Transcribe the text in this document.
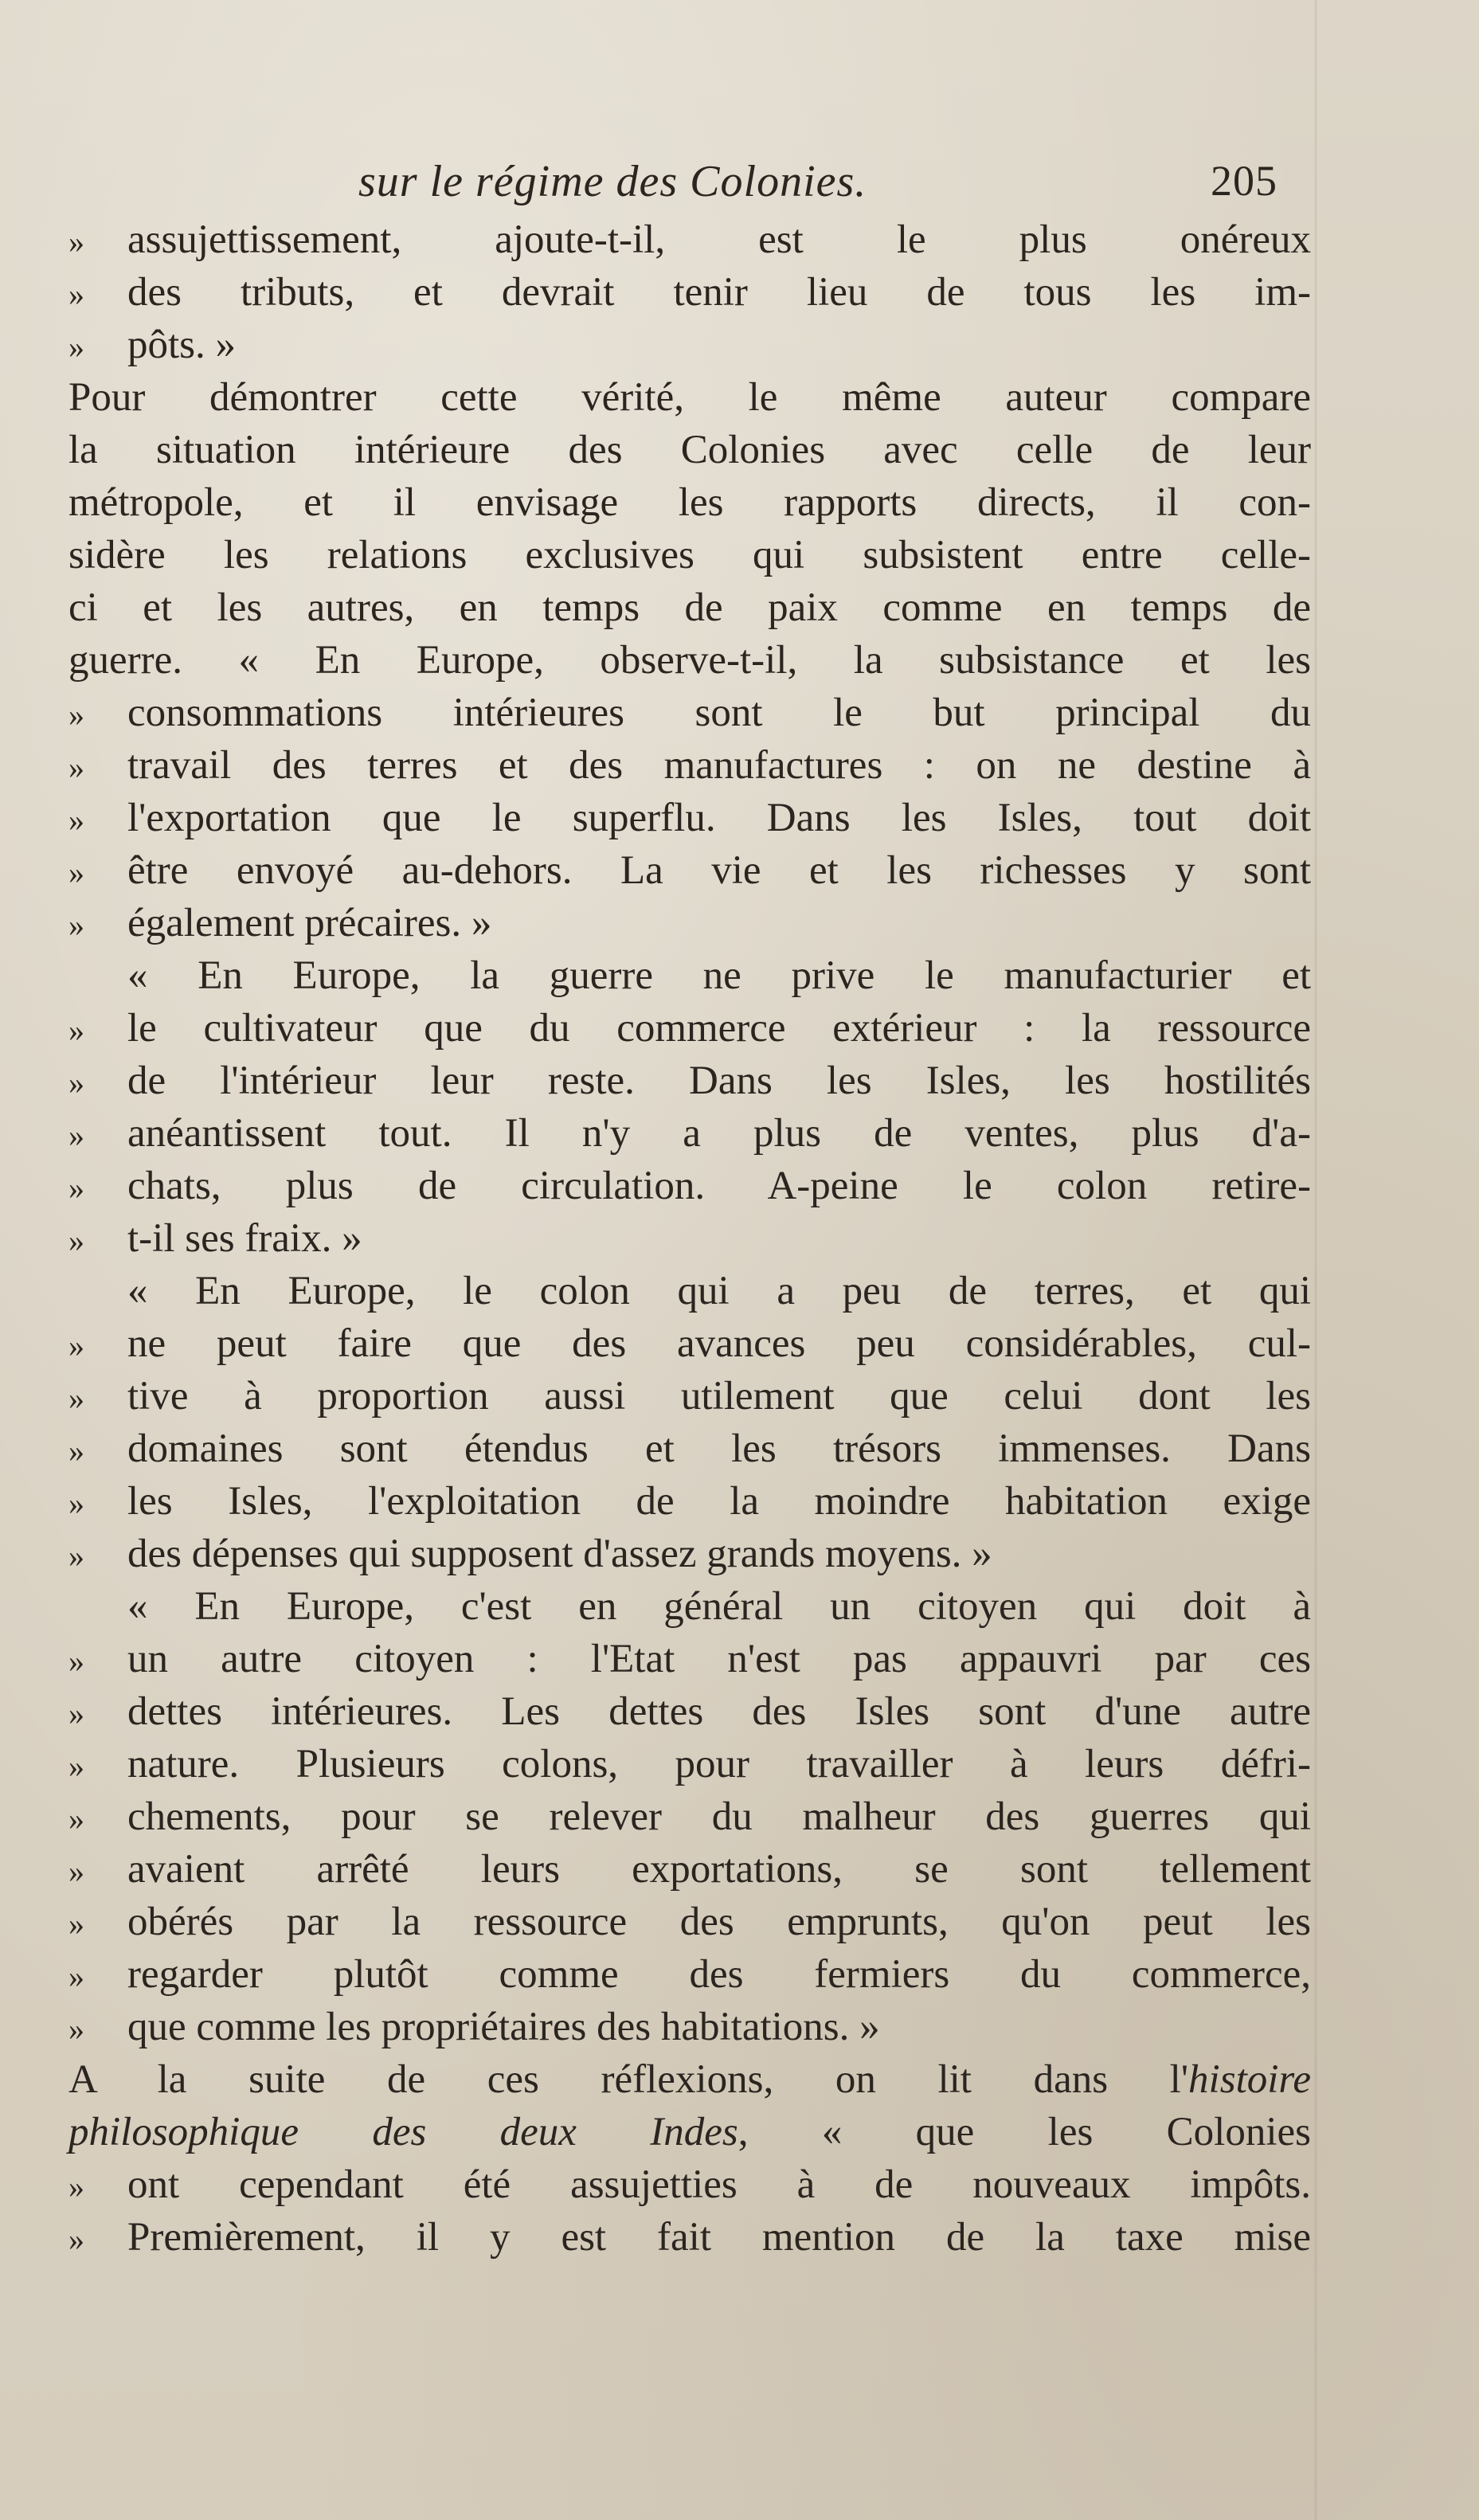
sur le régime des Colonies.	205
»	assujettissement, ajoute-t-il, est le plus onéreux
»	des tributs, et devrait tenir lieu de tous les im-
»	pôts. »
Pour démontrer cette vérité, le même auteur compare
la situation intérieure des Colonies avec celle de leur
métropole, et il envisage les rapports directs, il con-
sidère les relations exclusives qui subsistent entre celle-
ci et les autres, en temps de paix comme en temps de
guerre. « En Europe, observe-t-il, la subsistance et les
»	consommations intérieures sont le but principal du
»	travail des terres et des manufactures : on ne destine à
»	l'exportation que le superflu. Dans les Isles, tout doit
»	être envoyé au-dehors. La vie et les richesses y sont
»	également précaires. »
« En Europe, la guerre ne prive le manufacturier et
»	le cultivateur que du commerce extérieur : la ressource
»	de l'intérieur leur reste. Dans les Isles, les hostilités
»	anéantissent tout. Il n'y a plus de ventes, plus d'a-
»	chats, plus de circulation. A-peine le colon retire-
»	t-il ses fraix. »
« En Europe, le colon qui a peu de terres, et qui
»	ne peut faire que des avances peu considérables, cul-
»	tive à proportion aussi utilement que celui dont les
»	domaines sont étendus et les trésors immenses. Dans
»	les Isles, l'exploitation de la moindre habitation exige
»	des dépenses qui supposent d'assez grands moyens. »
« En Europe, c'est en général un citoyen qui doit à
»	un autre citoyen : l'Etat n'est pas appauvri par ces
»	dettes intérieures. Les dettes des Isles sont d'une autre
»	nature. Plusieurs colons, pour travailler à leurs défri-
»	chements, pour se relever du malheur des guerres qui
»	avaient arrêté leurs exportations, se sont tellement
»	obérés par la ressource des emprunts, qu'on peut les
»	regarder plutôt comme des fermiers du commerce,
»	que comme les propriétaires des habitations. »
A la suite de ces réflexions, on lit dans l'histoire
philosophique des deux Indes, « que les Colonies
»	ont cependant été assujetties à de nouveaux impôts.
»	Premièrement, il y est fait mention de la taxe mise
